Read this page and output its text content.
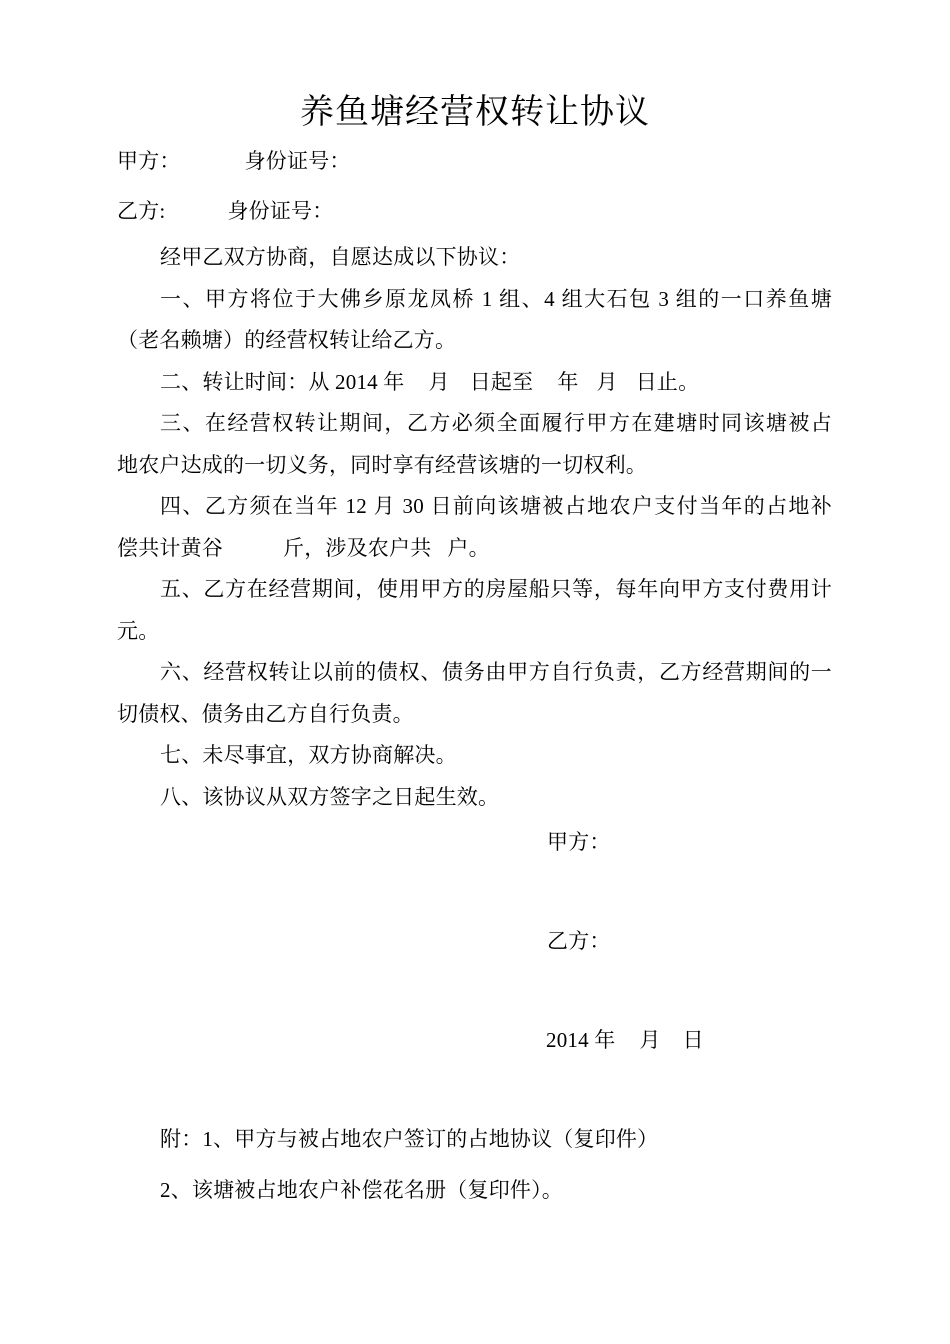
养鱼塘经营权转让协议
甲方：	身份证号：
乙方:	身份证号：
经甲乙双方协商，自愿达成以下协议：
一、甲方将位于大佛乡原龙凤桥 1 组、4 组大石包 3 组的一口养鱼塘
（老名赖塘）的经营权转让给乙方。
二、转让时间：从 2014 年 月 日起至 年 月 日止。
三、在经营权转让期间，乙方必须全面履行甲方在建塘时同该塘被占
地农户达成的一切义务，同时享有经营该塘的一切权利。
四、乙方须在当年 12 月 30 日前向该塘被占地农户支付当年的占地补
偿共计黄谷	斤，涉及农户共 户。
五、乙方在经营期间，使用甲方的房屋船只等，每年向甲方支付费用计
元。
六、经营权转让以前的债权、债务由甲方自行负责，乙方经营期间的一
切债权、债务由乙方自行负责。
七、未尽事宜，双方协商解决。
八、该协议从双方签字之日起生效。
甲方：
乙方：
2014 年 月 日
附：1、甲方与被占地农户签订的占地协议（复印件）
2、该塘被占地农户补偿花名册（复印件）。
